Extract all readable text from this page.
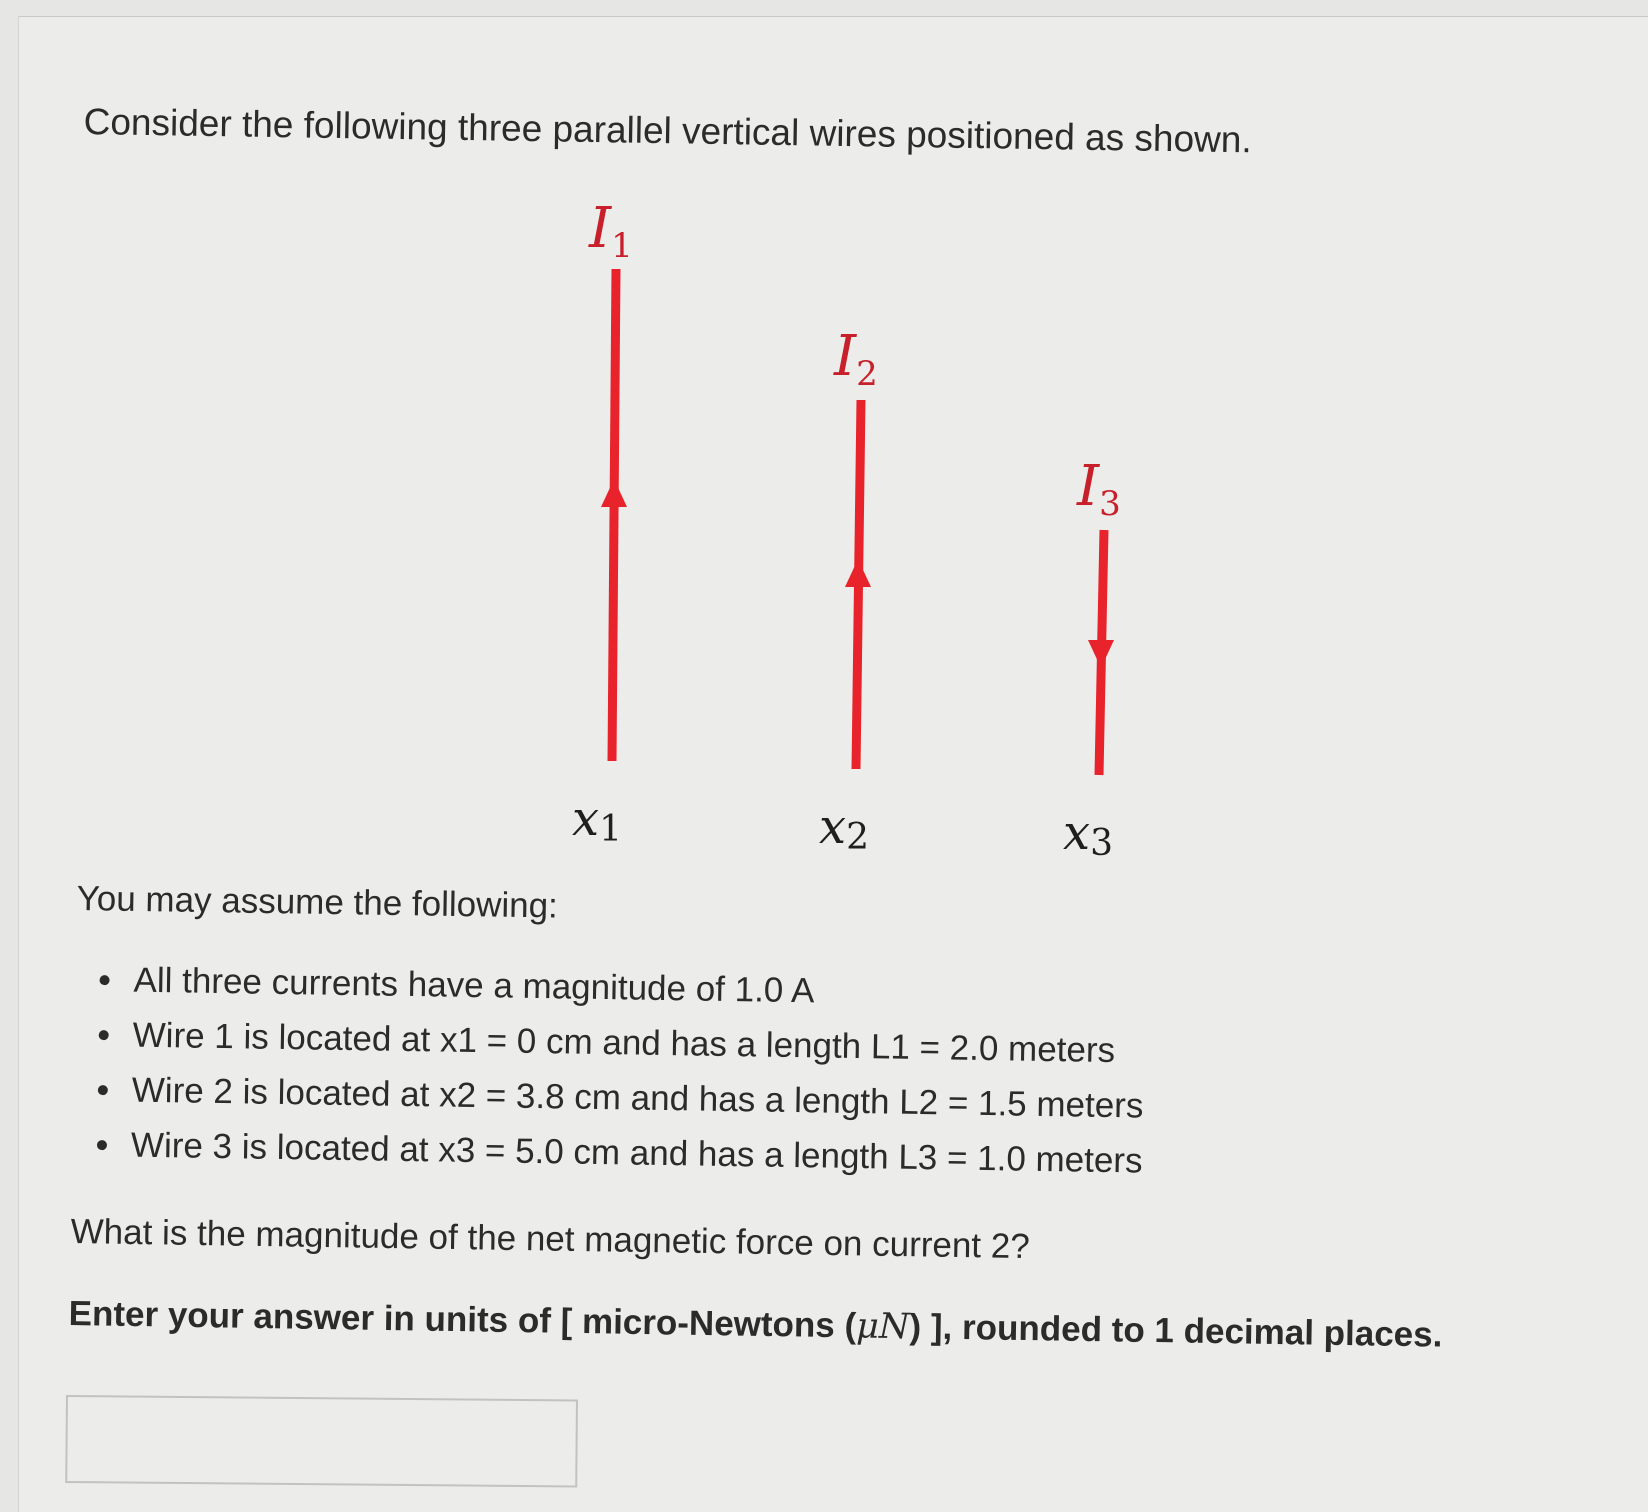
Consider the following three parallel vertical wires positioned as shown.

I1
x1
I2
x2
I3
x3

You may assume the following:

All three currents have a magnitude of 1.0 A
Wire 1 is located at x1 = 0 cm and has a length L1 = 2.0 meters
Wire 2 is located at x2 = 3.8 cm and has a length L2 = 1.5 meters
Wire 3 is located at x3 = 5.0 cm and has a length L3 = 1.0 meters

What is the magnitude of the net magnetic force on current 2?

Enter your answer in units of [ micro-Newtons (μN) ], rounded to 1 decimal places.
